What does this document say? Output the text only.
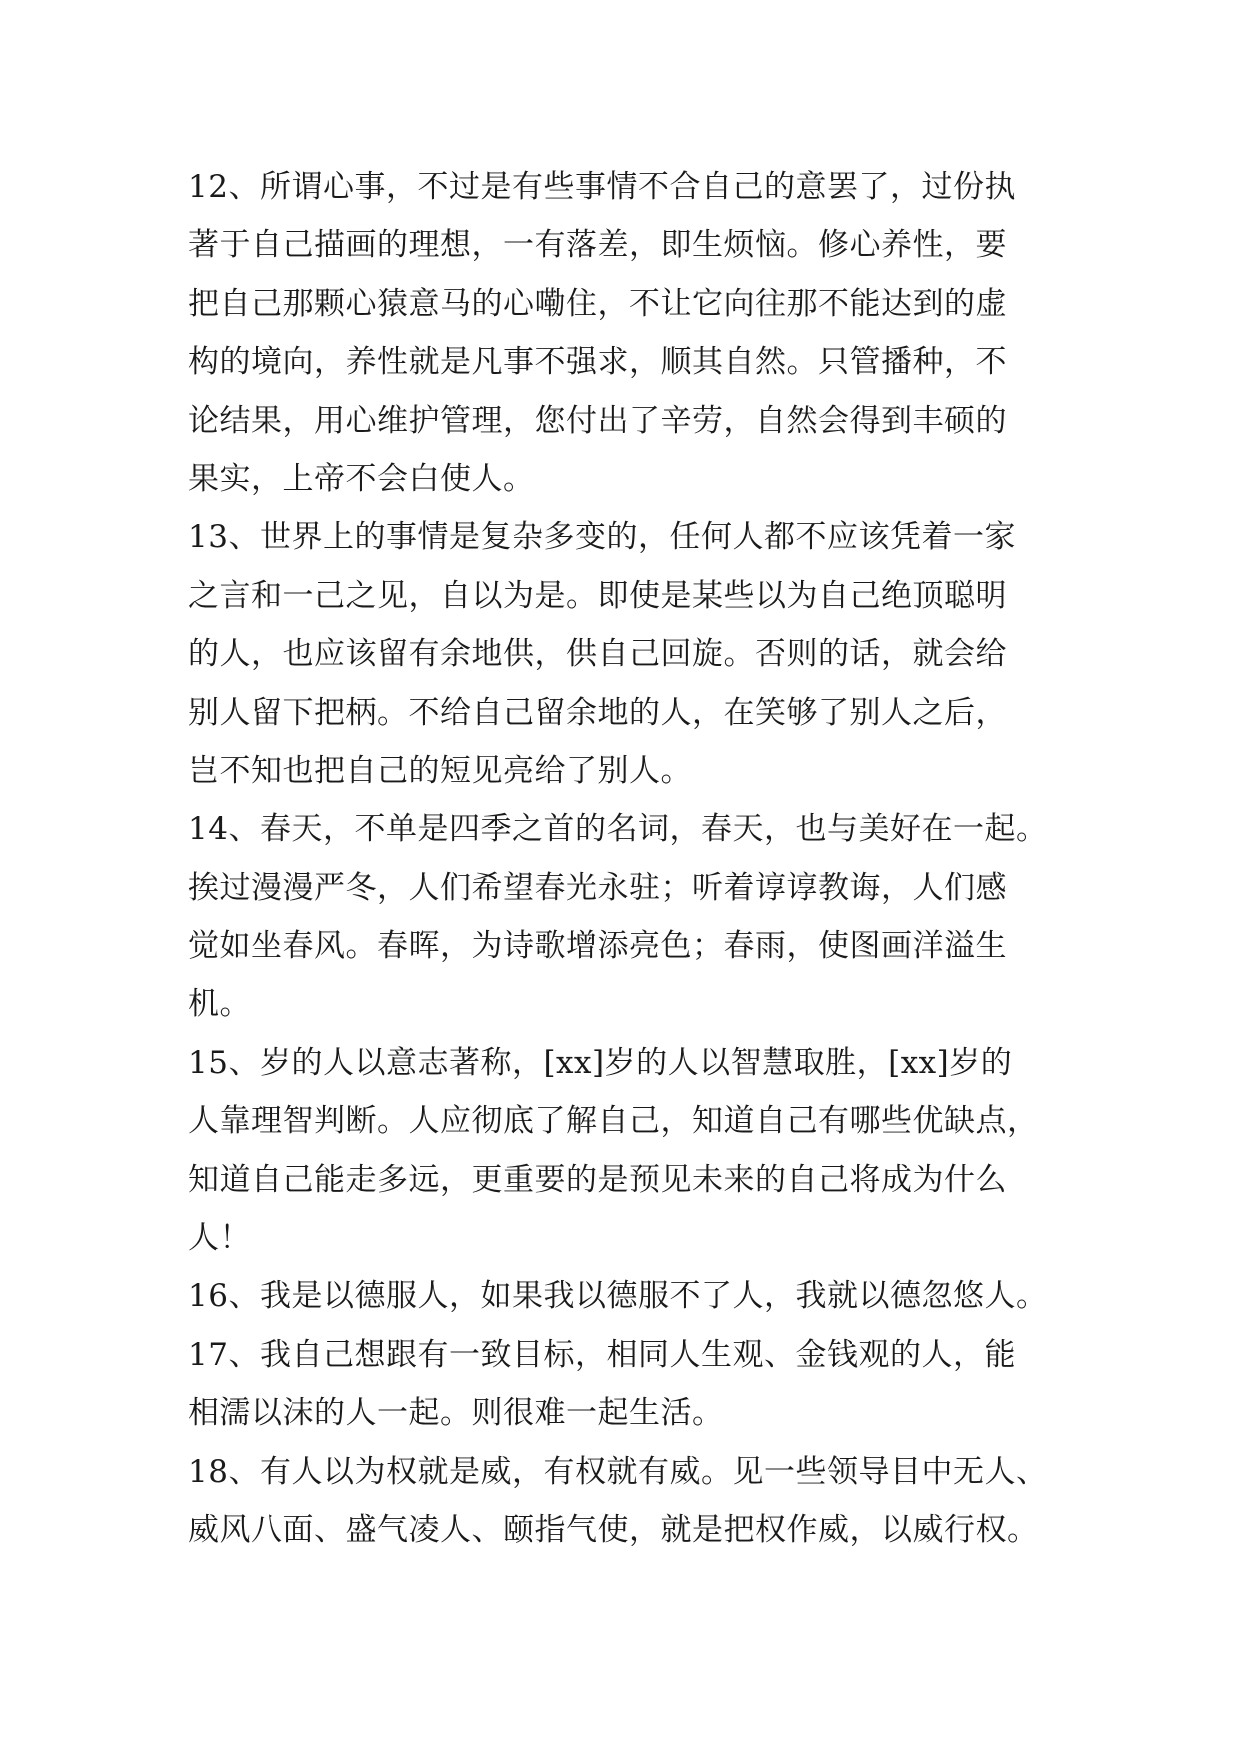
12、所谓心事，不过是有些事情不合自己的意罢了，过份执
著于自己描画的理想，一有落差，即生烦恼。修心养性，要
把自己那颗心猿意马的心嘞住，不让它向往那不能达到的虚
构的境向，养性就是凡事不强求，顺其自然。只管播种，不
论结果，用心维护管理，您付出了辛劳，自然会得到丰硕的
果实，上帝不会白使人。
13、世界上的事情是复杂多变的，任何人都不应该凭着一家
之言和一己之见，自以为是。即使是某些以为自己绝顶聪明
的人，也应该留有余地供，供自己回旋。否则的话，就会给
别人留下把柄。不给自己留余地的人，在笑够了别人之后，
岂不知也把自己的短见亮给了别人。
14、春天，不单是四季之首的名词，春天，也与美好在一起。
挨过漫漫严冬，人们希望春光永驻；听着谆谆教诲，人们感
觉如坐春风。春晖，为诗歌增添亮色；春雨，使图画洋溢生
机。
15、岁的人以意志著称，[xx]岁的人以智慧取胜，[xx]岁的
人靠理智判断。人应彻底了解自己，知道自己有哪些优缺点，
知道自己能走多远，更重要的是预见未来的自己将成为什么
人！
16、我是以德服人，如果我以德服不了人，我就以德忽悠人。
17、我自己想跟有一致目标，相同人生观、金钱观的人，能
相濡以沫的人一起。则很难一起生活。
18、有人以为权就是威，有权就有威。见一些领导目中无人、
威风八面、盛气凌人、颐指气使，就是把权作威，以威行权。
